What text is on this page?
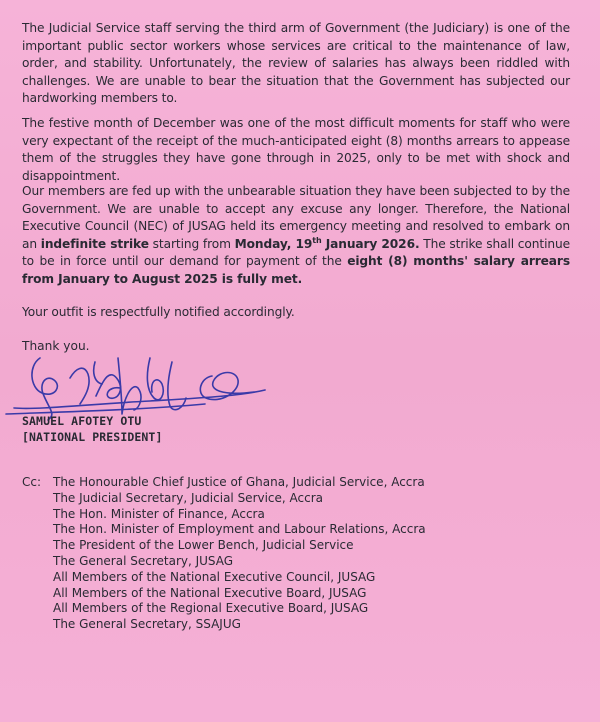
The Judicial Service staff serving the third arm of Government (the Judiciary) is one of the important public sector workers whose services are critical to the maintenance of law, order, and stability. Unfortunately, the review of salaries has always been riddled with challenges. We are unable to bear the situation that the Government has subjected our hardworking members to.

The festive month of December was one of the most difficult moments for staff who were very expectant of the receipt of the much-anticipated eight (8) months arrears to appease them of the struggles they have gone through in 2025, only to be met with shock and disappointment.

Our members are fed up with the unbearable situation they have been subjected to by the Government. We are unable to accept any excuse any longer. Therefore, the National Executive Council (NEC) of JUSAG held its emergency meeting and resolved to embark on an indefinite strike starting from Monday, 19th January 2026. The strike shall continue to be in force until our demand for payment of the eight (8) months' salary arrears from January to August 2025 is fully met.

Your outfit is respectfully notified accordingly.

Thank you.

SAMUEL AFOTEY OTU
[NATIONAL PRESIDENT]
Cc: The Honourable Chief Justice of Ghana, Judicial Service, Accra
The Judicial Secretary, Judicial Service, Accra
The Hon. Minister of Finance, Accra
The Hon. Minister of Employment and Labour Relations, Accra
The President of the Lower Bench, Judicial Service
The General Secretary, JUSAG
All Members of the National Executive Council, JUSAG
All Members of the National Executive Board, JUSAG
All Members of the Regional Executive Board, JUSAG
The General Secretary, SSAJUG
